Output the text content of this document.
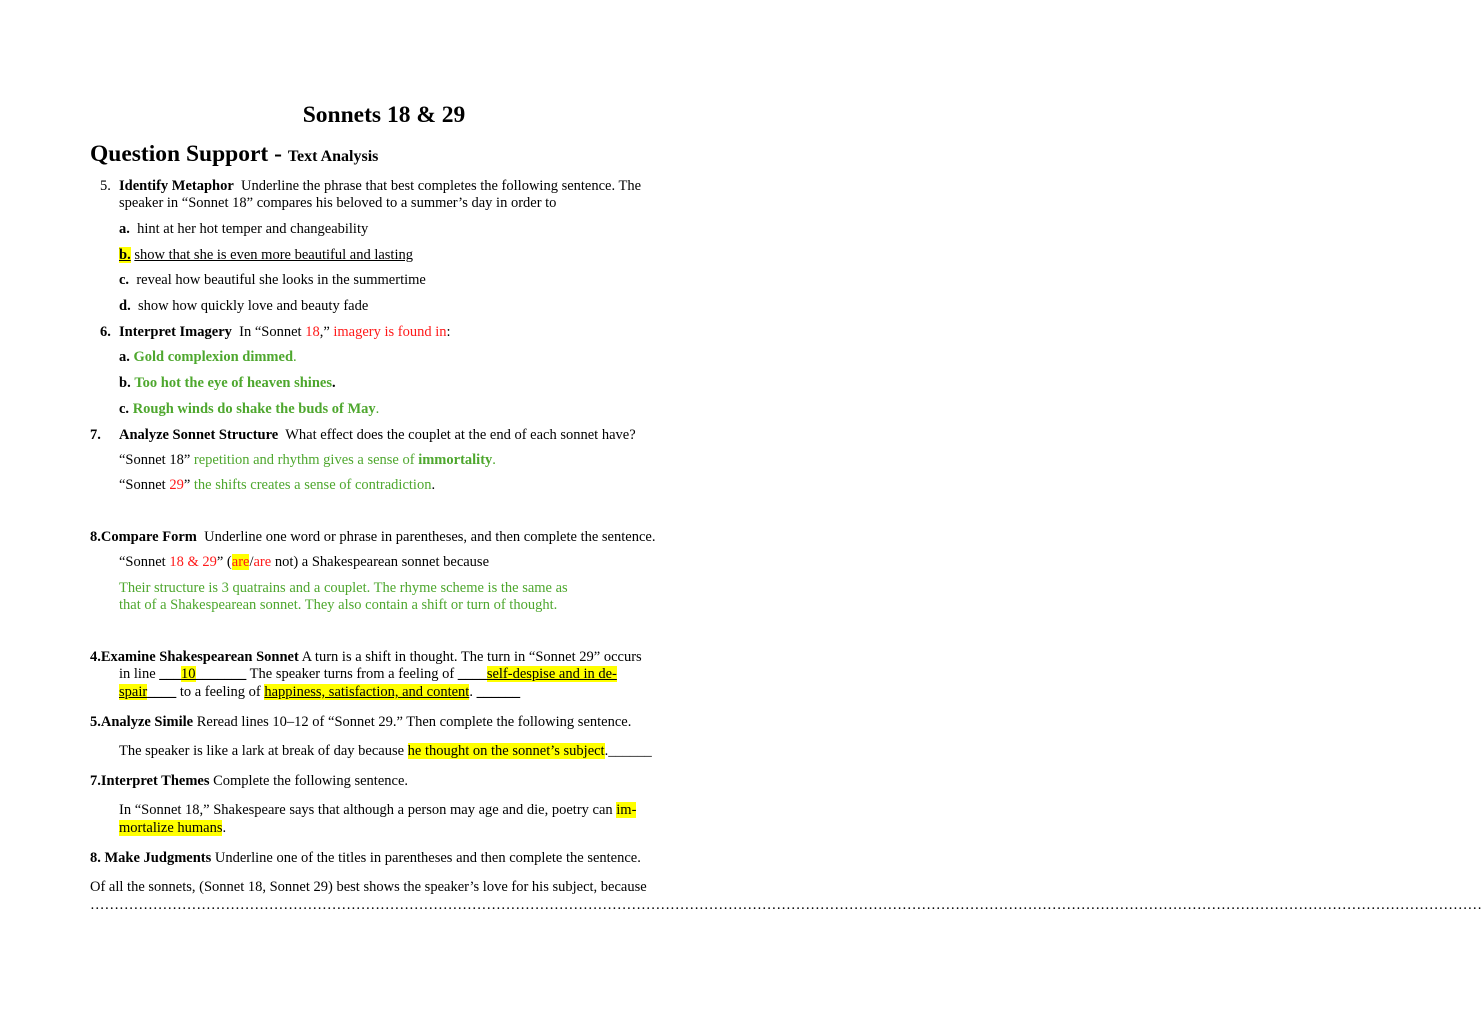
Sonnets 18 & 29
Question Support - Text Analysis
5. Identify Metaphor Underline the phrase that best completes the following sentence. The
speaker in “Sonnet 18” compares his beloved to a summer’s day in order to
a. hint at her hot temper and changeability
b. show that she is even more beautiful and lasting
c. reveal how beautiful she looks in the summertime
d. show how quickly love and beauty fade
6. Interpret Imagery In “Sonnet 18,” imagery is found in:
a. Gold complexion dimmed.
b. Too hot the eye of heaven shines.
c. Rough winds do shake the buds of May.
7. Analyze Sonnet Structure What effect does the couplet at the end of each sonnet have?
“Sonnet 18” repetition and rhythm gives a sense of immortality.
“Sonnet 29” the shifts creates a sense of contradiction.
8.Compare Form Underline one word or phrase in parentheses, and then complete the sentence.
“Sonnet 18 & 29” (are/are not) a Shakespearean sonnet because
Their structure is 3 quatrains and a couplet. The rhyme scheme is the same as
that of a Shakespearean sonnet. They also contain a shift or turn of thought.
4.Examine Shakespearean Sonnet A turn is a shift in thought. The turn in “Sonnet 29” occurs
in line ___10_______ The speaker turns from a feeling of ____self-despise and in de-
spair____ to a feeling of happiness, satisfaction, and content. ______
5.Analyze Simile Reread lines 10–12 of “Sonnet 29.” Then complete the following sentence.
The speaker is like a lark at break of day because he thought on the sonnet’s subject.______
7.Interpret Themes Complete the following sentence.
In “Sonnet 18,” Shakespeare says that although a person may age and die, poetry can im-
mortalize humans.
8. Make Judgments Underline one of the titles in parentheses and then complete the sentence.
Of all the sonnets, (Sonnet 18, Sonnet 29) best shows the speaker’s love for his subject, because
………………………………………………………………………………………………………………………………………………………………………………………………………………………………………………………………
